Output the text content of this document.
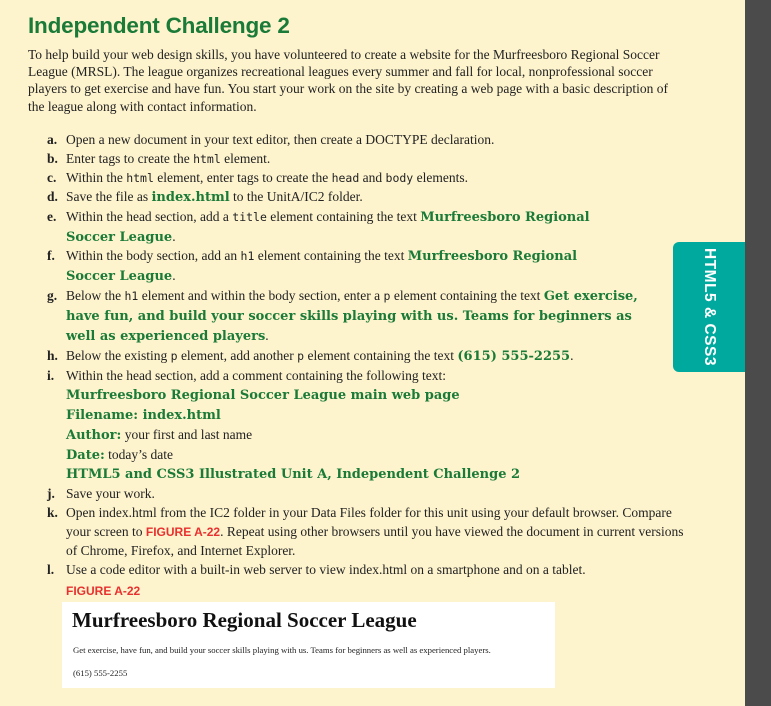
Independent Challenge 2

To help build your web design skills, you have volunteered to create a website for the Murfreesboro Regional Soccer League (MRSL). The league organizes recreational leagues every summer and fall for local, nonprofessional soccer players to get exercise and have fun. You start your work on the site by creating a web page with a basic description of the league along with contact information.

a. Open a new document in your text editor, then create a DOCTYPE declaration.
b. Enter tags to create the html element.
c. Within the html element, enter tags to create the head and body elements.
d. Save the file as index.html to the UnitA/IC2 folder.
e. Within the head section, add a title element containing the text Murfreesboro Regional
Soccer League.
f. Within the body section, add an h1 element containing the text Murfreesboro Regional
Soccer League.
g. Below the h1 element and within the body section, enter a p element containing the text Get exercise,
have fun, and build your soccer skills playing with us. Teams for beginners as
well as experienced players.
h. Below the existing p element, add another p element containing the text (615) 555-2255.
i. Within the head section, add a comment containing the following text:
Murfreesboro Regional Soccer League main web page
Filename: index.html
Author: your first and last name
Date: today’s date
HTML5 and CSS3 Illustrated Unit A, Independent Challenge 2
j. Save your work.
k. Open index.html from the IC2 folder in your Data Files folder for this unit using your default browser. Compare your screen to FIGURE A-22. Repeat using other browsers until you have viewed the document in current versions of Chrome, Firefox, and Internet Explorer.
l. Use a code editor with a built-in web server to view index.html on a smartphone and on a tablet.
FIGURE A-22
Murfreesboro Regional Soccer League

Get exercise, have fun, and build your soccer skills playing with us. Teams for beginners as well as experienced players.

(615) 555-2255

HTML5 & CSS3
